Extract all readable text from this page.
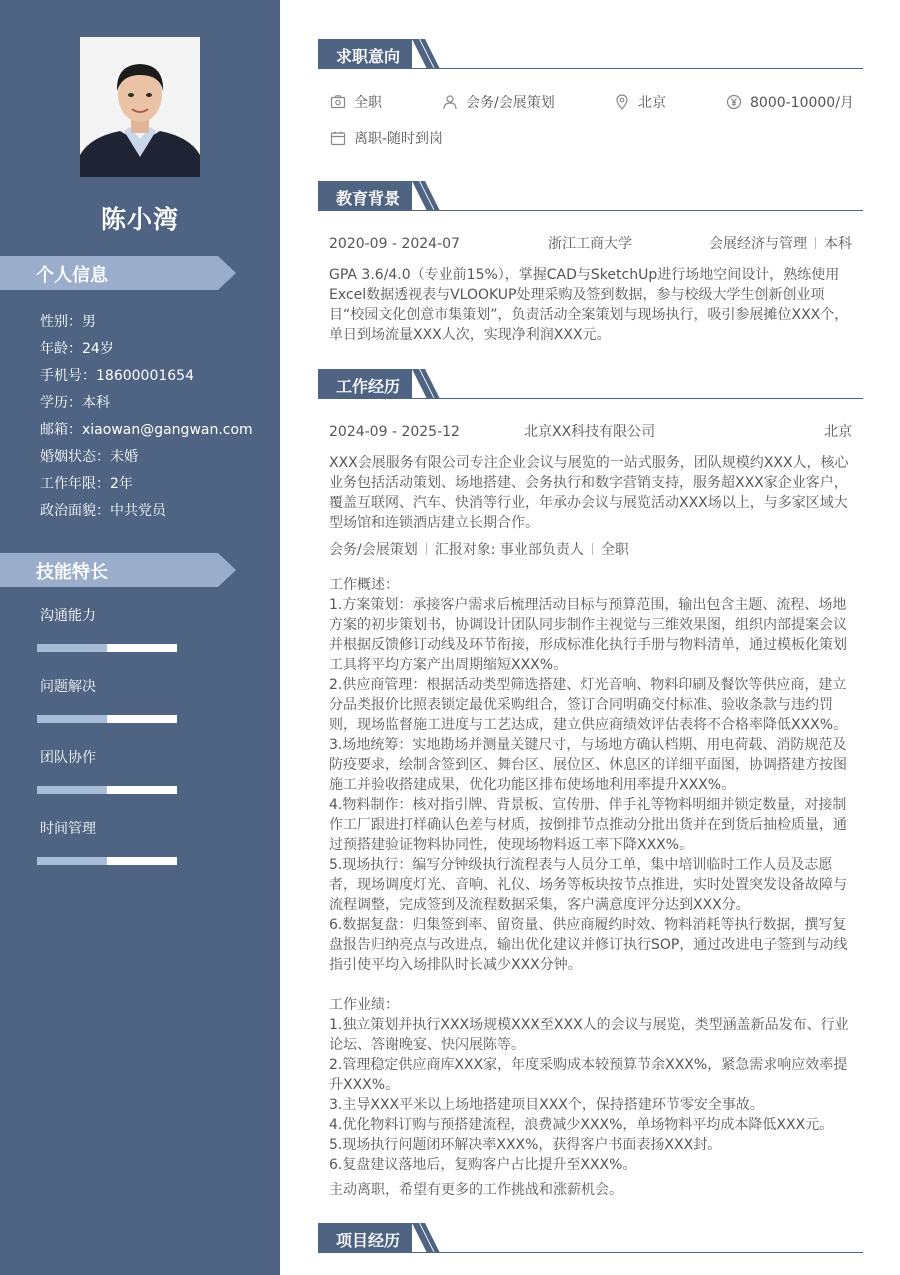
陈小湾
个人信息
性别：男
年龄：24岁
手机号：18600001654
学历：本科
邮箱：xiaowan@gangwan.com
婚姻状态：未婚
工作年限：2年
政治面貌：中共党员
技能特长
沟通能力
问题解决
团队协作
时间管理
求职意向
全职	会务/会展策划	北京	8000-10000/月
离职-随时到岗
教育背景
2020-09 - 2024-07	浙江工商大学	会展经济与管理 本科

GPA 3.6/4.0（专业前15%），掌握CAD与SketchUp进行场地空间设计，熟练使用Excel数据透视表与VLOOKUP处理采购及签到数据，参与校级大学生创新创业项目“校园文化创意市集策划”，负责活动全案策划与现场执行，吸引参展摊位XXX个，单日到场流量XXX人次，实现净利润XXX元。

工作经历
2024-09 - 2025-12	北京XX科技有限公司	北京

XXX会展服务有限公司专注企业会议与展览的一站式服务，团队规模约XXX人，核心业务包括活动策划、场地搭建、会务执行和数字营销支持，服务超XXX家企业客户，覆盖互联网、汽车、快消等行业，年承办会议与展览活动XXX场以上，与多家区域大型场馆和连锁酒店建立长期合作。

会务/会展策划 汇报对象: 事业部负责人 全职

工作概述：

1.方案策划：承接客户需求后梳理活动目标与预算范围，输出包含主题、流程、场地方案的初步策划书，协调设计团队同步制作主视觉与三维效果图，组织内部提案会议并根据反馈修订动线及环节衔接，形成标准化执行手册与物料清单，通过模板化策划工具将平均方案产出周期缩短XXX%。

2.供应商管理：根据活动类型筛选搭建、灯光音响、物料印刷及餐饮等供应商，建立分品类报价比照表锁定最优采购组合，签订合同明确交付标准、验收条款与违约罚则，现场监督施工进度与工艺达成，建立供应商绩效评估表将不合格率降低XXX%。

3.场地统筹：实地勘场并测量关键尺寸，与场地方确认档期、用电荷载、消防规范及防疫要求，绘制含签到区、舞台区、展位区、休息区的详细平面图，协调搭建方按图施工并验收搭建成果，优化功能区排布使场地利用率提升XXX%。

4.物料制作：核对指引牌、背景板、宣传册、伴手礼等物料明细并锁定数量，对接制作工厂跟进打样确认色差与材质，按倒排节点推动分批出货并在到货后抽检质量，通过预搭建验证物料协同性，使现场物料返工率下降XXX%。

5.现场执行：编写分钟级执行流程表与人员分工单，集中培训临时工作人员及志愿者，现场调度灯光、音响、礼仪、场务等板块按节点推进，实时处置突发设备故障与流程调整，完成签到及流程数据采集，客户满意度评分达到XXX分。

6.数据复盘：归集签到率、留资量、供应商履约时效、物料消耗等执行数据，撰写复盘报告归纳亮点与改进点，输出优化建议并修订执行SOP，通过改进电子签到与动线指引使平均入场排队时长减少XXX分钟。

工作业绩：

1.独立策划并执行XXX场规模XXX至XXX人的会议与展览，类型涵盖新品发布、行业论坛、答谢晚宴、快闪展陈等。

2.管理稳定供应商库XXX家，年度采购成本较预算节余XXX%，紧急需求响应效率提升XXX%。

3.主导XXX平米以上场地搭建项目XXX个，保持搭建环节零安全事故。

4.优化物料订购与预搭建流程，浪费减少XXX%，单场物料平均成本降低XXX元。

5.现场执行问题闭环解决率XXX%，获得客户书面表扬XXX封。

6.复盘建议落地后，复购客户占比提升至XXX%。

主动离职，希望有更多的工作挑战和涨薪机会。
项目经历
